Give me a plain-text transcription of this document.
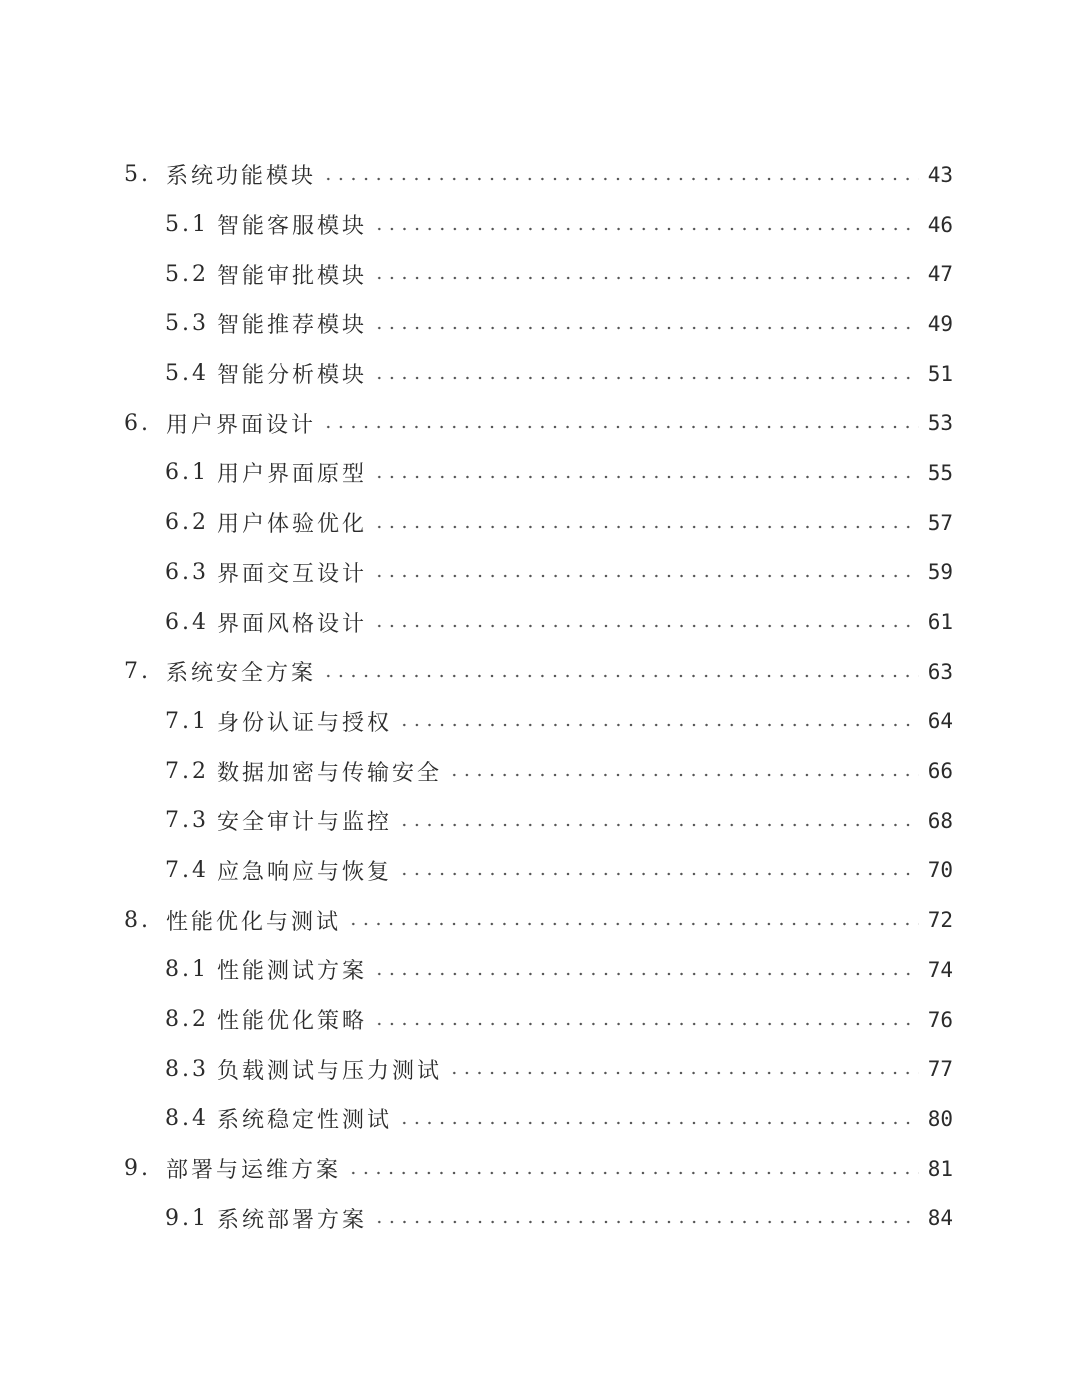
5. 系统功能模块	43
5.1 智能客服模块	46
5.2 智能审批模块	47
5.3 智能推荐模块	49
5.4 智能分析模块	51
6. 用户界面设计	53
6.1 用户界面原型	55
6.2 用户体验优化	57
6.3 界面交互设计	59
6.4 界面风格设计	61
7. 系统安全方案	63
7.1 身份认证与授权	64
7.2 数据加密与传输安全	66
7.3 安全审计与监控	68
7.4 应急响应与恢复	70
8. 性能优化与测试	72
8.1 性能测试方案	74
8.2 性能优化策略	76
8.3 负载测试与压力测试	77
8.4 系统稳定性测试	80
9. 部署与运维方案	81
9.1 系统部署方案	84
